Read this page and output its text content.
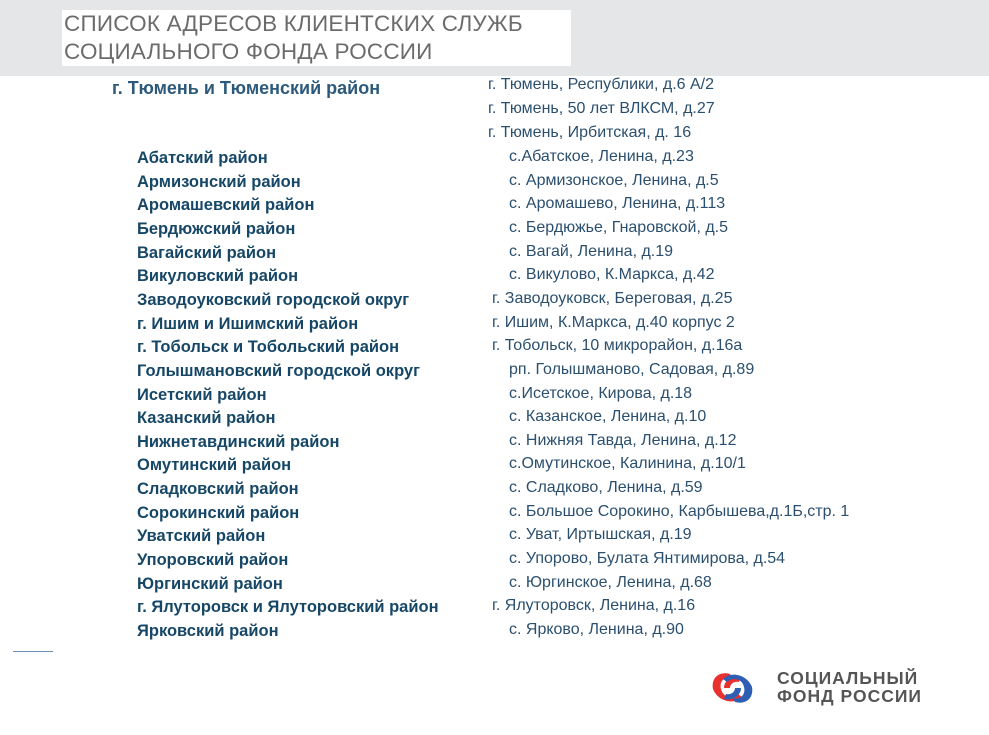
СПИСОК АДРЕСОВ КЛИЕНТСКИХ СЛУЖБ
СОЦИАЛЬНОГО ФОНДА РОССИИ
г. Тюмень и Тюменский район	г. Тюмень, Республики, д.6 А/2
г. Тюмень, 50 лет ВЛКСМ, д.27
г. Тюмень, Ирбитская, д. 16
Абатский район	с.Абатское, Ленина, д.23
Армизонский район	с. Армизонское, Ленина, д.5
Аромашевский район	с. Аромашево, Ленина, д.113
Бердюжский район	с. Бердюжье, Гнаровской, д.5
Вагайский район	с. Вагай, Ленина, д.19
Викуловский район	с. Викулово, К.Маркса, д.42
Заводоуковский городской округ	г. Заводоуковск, Береговая, д.25
г. Ишим и Ишимский район	г. Ишим, К.Маркса, д.40 корпус 2
г. Тобольск и Тобольский район	г. Тобольск, 10 микрорайон, д.16а
Голышмановский городской округ	рп. Голышманово, Садовая, д.89
Исетский район	с.Исетское, Кирова, д.18
Казанский район	с. Казанское, Ленина, д.10
Нижнетавдинский район	с. Нижняя Тавда, Ленина, д.12
Омутинский район	с.Омутинское, Калинина, д.10/1
Сладковский район	с. Сладково, Ленина, д.59
Сорокинский район	с. Большое Сорокино, Карбышева,д.1Б,стр. 1
Уватский район	с. Уват, Иртышская, д.19
Упоровский район	с. Упорово, Булата Янтимирова, д.54
Юргинский район	с. Юргинское, Ленина, д.68
г. Ялуторовск и Ялуторовский район	г. Ялуторовск, Ленина, д.16
Ярковский район	с. Ярково, Ленина, д.90
СОЦИАЛЬНЫЙ
ФОНД РОССИИ
